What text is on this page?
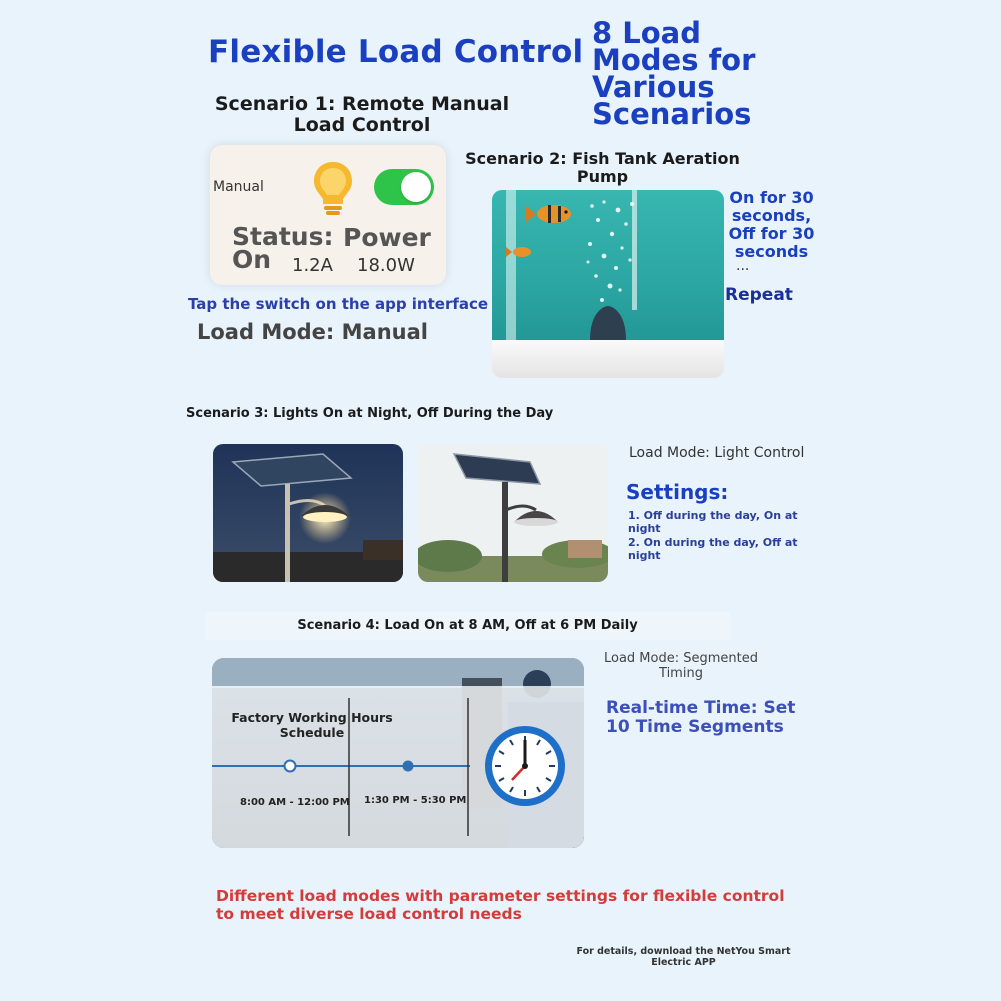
Flexible Load Control
8 Load Modes for Various Scenarios
Scenario 1: Remote Manual Load Control
Manual
Status: On
Power
1.2A 18.0W
Tap the switch on the app interface
Load Mode: Manual
Scenario 2: Fish Tank Aeration Pump
On for 30 seconds, Off for 30 seconds
...
Repeat
Scenario 3: Lights On at Night, Off During the Day
Load Mode: Light Control
Settings:
1. Off during the day, On at night
2. On during the day, Off at night
Scenario 4: Load On at 8 AM, Off at 6 PM Daily
Factory Working Hours Schedule
8:00 AM - 12:00 PM 1:30 PM - 5:30 PM
Load Mode: Segmented Timing
Real-time Time: Set 10 Time Segments
Different load modes with parameter settings for flexible control to meet diverse load control needs
For details, download the NetYou Smart Electric APP
